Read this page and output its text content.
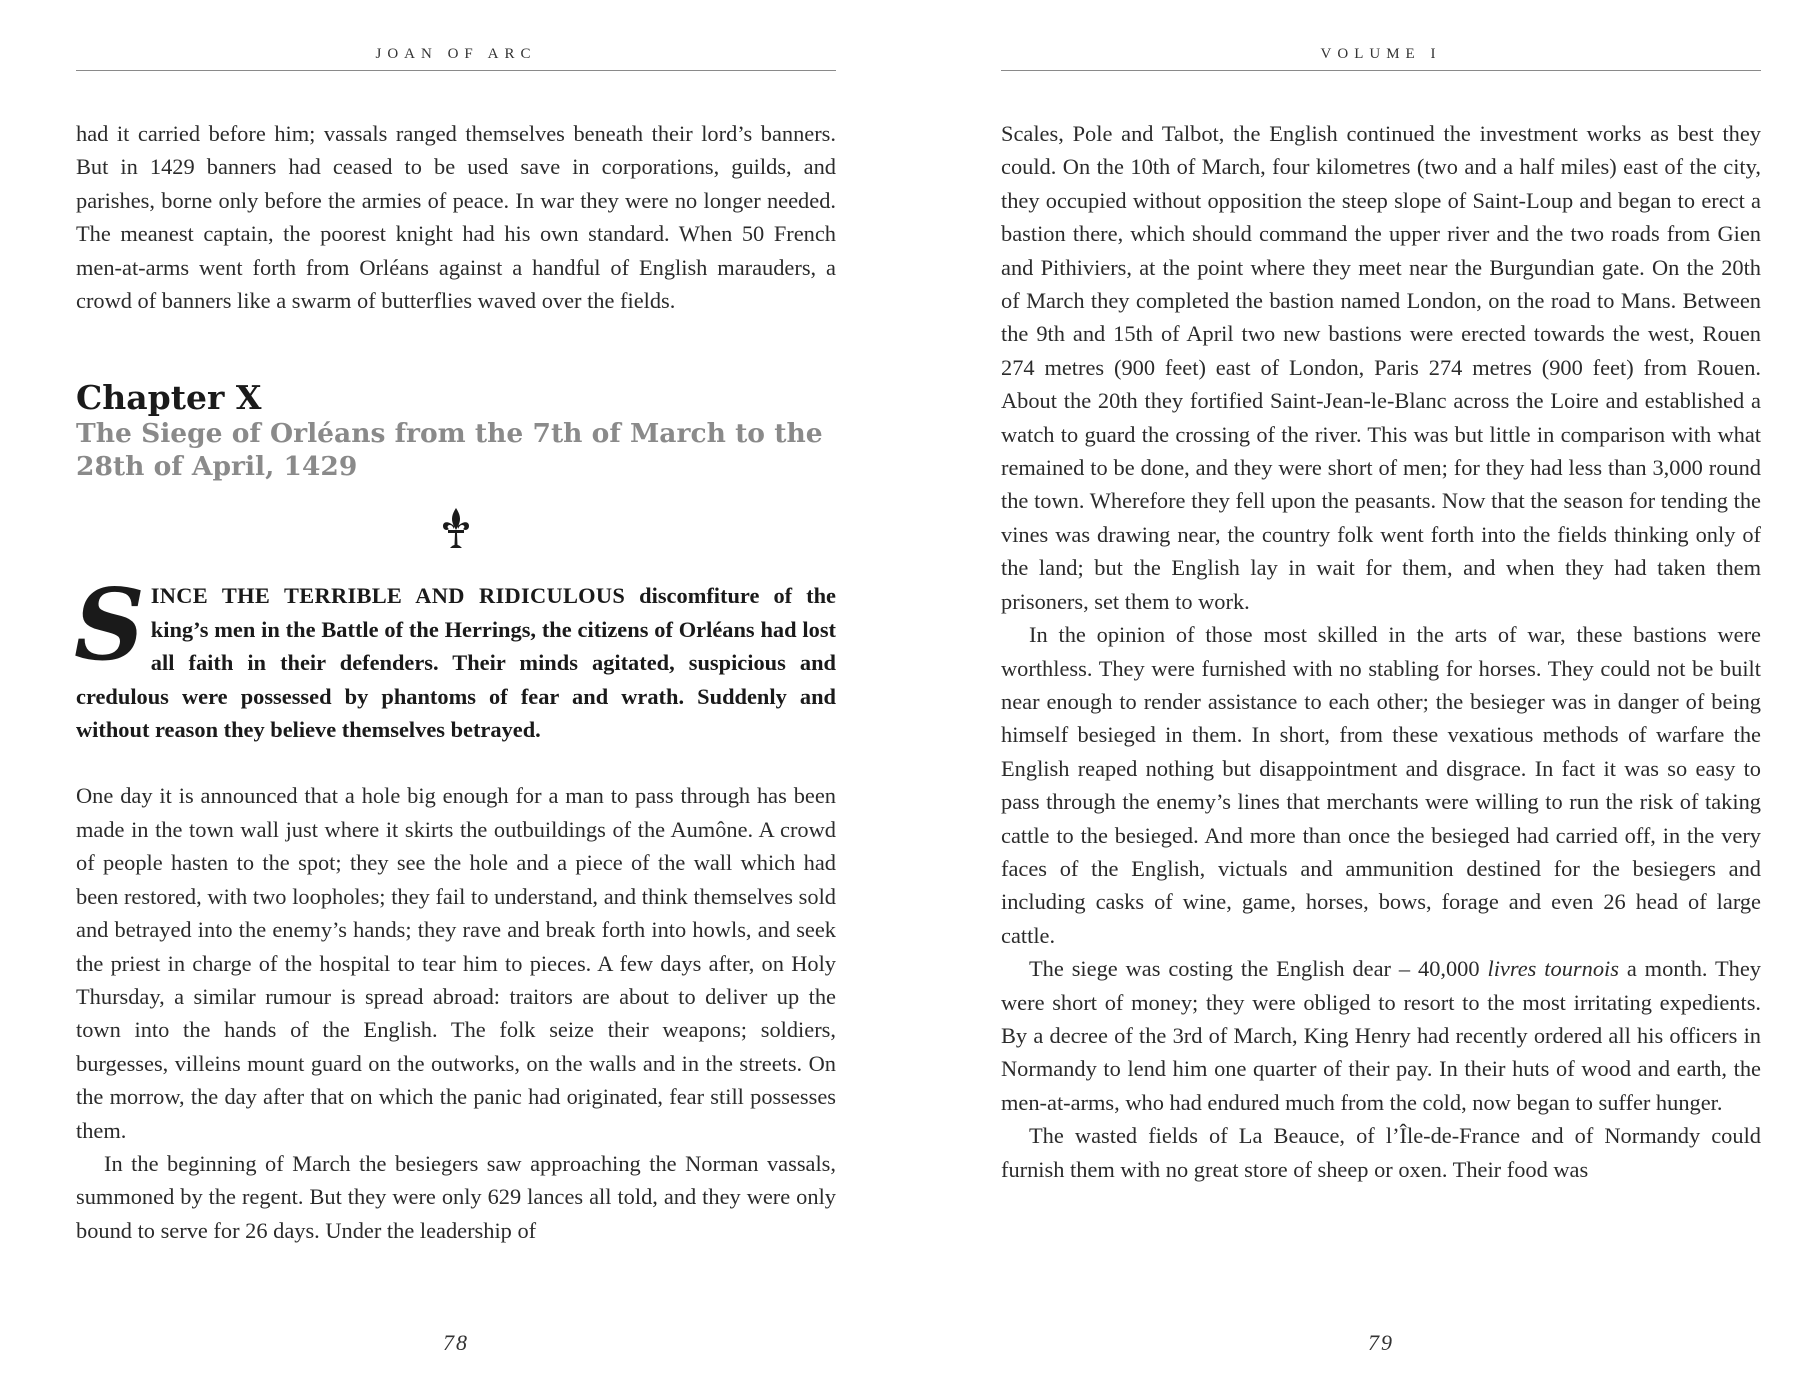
JOAN OF ARC

had it carried before him; vassals ranged themselves beneath their lord’s banners. But in 1429 banners had ceased to be used save in corporations, guilds, and parishes, borne only before the armies of peace. In war they were no longer needed. The meanest captain, the poorest knight had his own standard. When 50 French men-at-arms went forth from Orléans against a handful of English marauders, a crowd of banners like a swarm of butterflies waved over the fields.

Chapter X

The Siege of Orléans from the 7th of March to the

28th of April, 1429

SINCE THE TERRIBLE AND RIDICULOUS discomfiture of the king’s men in the Battle of the Herrings, the citizens of Orléans had lost all faith in their defenders. Their minds agitated, suspicious and credulous were possessed by phantoms of fear and wrath. Suddenly and without reason they believe themselves betrayed.

One day it is announced that a hole big enough for a man to pass through has been made in the town wall just where it skirts the outbuildings of the Aumône. A crowd of people hasten to the spot; they see the hole and a piece of the wall which had been restored, with two loopholes; they fail to understand, and think themselves sold and betrayed into the enemy’s hands; they rave and break forth into howls, and seek the priest in charge of the hospital to tear him to pieces. A few days after, on Holy Thursday, a similar rumour is spread abroad: traitors are about to deliver up the town into the hands of the English. The folk seize their weapons; soldiers, burgesses, villeins mount guard on the outworks, on the walls and in the streets. On the morrow, the day after that on which the panic had originated, fear still possesses them.

In the beginning of March the besiegers saw approaching the Norman vassals, summoned by the regent. But they were only 629 lances all told, and they were only bound to serve for 26 days. Under the leadership of

78
VOLUME I

Scales, Pole and Talbot, the English continued the investment works as best they could. On the 10th of March, four kilometres (two and a half miles) east of the city, they occupied without opposition the steep slope of Saint-Loup and began to erect a bastion there, which should command the upper river and the two roads from Gien and Pithiviers, at the point where they meet near the Burgundian gate. On the 20th of March they completed the bastion named London, on the road to Mans. Between the 9th and 15th of April two new bastions were erected towards the west, Rouen 274 metres (900 feet) east of London, Paris 274 metres (900 feet) from Rouen. About the 20th they fortified Saint-Jean-le-Blanc across the Loire and established a watch to guard the crossing of the river. This was but little in comparison with what remained to be done, and they were short of men; for they had less than 3,000 round the town. Wherefore they fell upon the peasants. Now that the season for tending the vines was drawing near, the country folk went forth into the fields thinking only of the land; but the English lay in wait for them, and when they had taken them prisoners, set them to work.

In the opinion of those most skilled in the arts of war, these bastions were worthless. They were furnished with no stabling for horses. They could not be built near enough to render assistance to each other; the besieger was in danger of being himself besieged in them. In short, from these vexatious methods of warfare the English reaped nothing but disappointment and disgrace. In fact it was so easy to pass through the enemy’s lines that merchants were willing to run the risk of taking cattle to the besieged. And more than once the besieged had carried off, in the very faces of the English, victuals and ammunition destined for the besiegers and including casks of wine, game, horses, bows, forage and even 26 head of large cattle.

The siege was costing the English dear – 40,000 livres tournois a month. They were short of money; they were obliged to resort to the most irritating expedients. By a decree of the 3rd of March, King Henry had recently ordered all his officers in Normandy to lend him one quarter of their pay. In their huts of wood and earth, the men-at-arms, who had endured much from the cold, now began to suffer hunger.

The wasted fields of La Beauce, of l’Île-de-France and of Normandy could furnish them with no great store of sheep or oxen. Their food was

79
